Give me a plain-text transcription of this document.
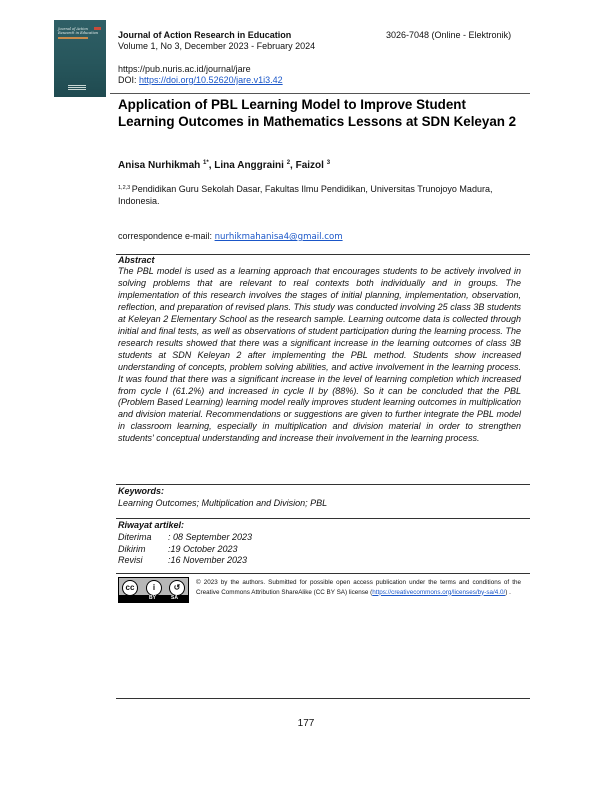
Journal of Action Research in Education	Journal of Action Research in Education
Volume 1, No 3, December 2023 - February 2024
3026-7048 (Online - Elektronik)
https://pub.nuris.ac.id/journal/jare
DOI: https://doi.org/10.52620/jare.v1i3.42
Application of PBL Learning Model to Improve Student Learning Outcomes in Mathematics Lessons at SDN Keleyan 2
Anisa Nurhikmah $^{1*}$, Lina Anggraini $^2$, Faizol $^3$
$^{1,2,3}$ Pendidikan Guru Sekolah Dasar, Fakultas Ilmu Pendidikan, Universitas Trunojoyo Madura, Indonesia.
correspondence e-mail: nurhikmahanisa4@gmail.com
Abstract
The PBL model is used as a learning approach that encourages students to be actively involved in solving problems that are relevant to real contexts both individually and in groups. The implementation of this research involves the stages of initial planning, implementation, observation, reflection, and preparation of revised plans. This study was conducted involving 25 class 3B students at Keleyan 2 Elementary School as the research sample. Learning outcome data is collected through initial and final tests, as well as observations of student participation during the learning process. The research results showed that there was a significant increase in the learning outcomes of class 3B students at SDN Keleyan 2 after implementing the PBL method. Students show increased understanding of concepts, problem solving abilities, and active involvement in the learning process. It was found that there was a significant increase in the level of learning completion which increased from cycle I (61.2%) and increased in cycle II by (88%). So it can be concluded that the PBL (Problem Based Learning) learning model really improves student learning outcomes in multiplication and division material. Recommendations or suggestions are given to further integrate the PBL model in classroom learning, especially in multiplication and division material in order to strengthen students' conceptual understanding and increase their involvement in the learning process.
Keywords:
Learning Outcomes; Multiplication and Division; PBL
Riwayat artikel:
Diterima	: 08 September 2023
Dikirim	:19 October 2023
Revisi	:16 November 2023
cc	i	↺
BY	SA
© 2023 by the authors. Submitted for possible open access publication under the terms and conditions of the Creative Commons Attribution ShareAlike (CC BY SA) license (https://creativecommons.org/licenses/by-sa/4.0/) .
177
